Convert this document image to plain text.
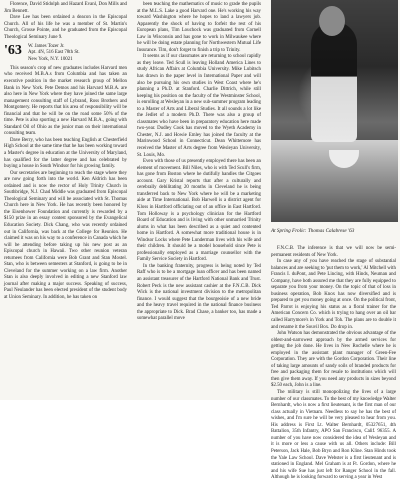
Florence, David Stidolph and Hazard Evanl, Don Mills and Jim Bennett.

Dave Lee has been ordained a deacon in the Episcopal Church. All of his life he was a member of St. Martin's Church, Grosse Pointe, and he graduated from the Episcopal Theological Seminary June 9.

'63	W. James Tozer Jr.
Apt. 4N, 516 East 78th St.
New York, N.Y. 10021

This season's crop of new graduates includes Harvard men who received M.B.A.s from Columbia and has taken an executive position in the market research group of Mellon Bank in New York. Pete Demos and his Harvard M.B.A. are also here in New York where they have joined the same large management consulting staff of Lybrand, Ross Brothers and Montgomery. He reports that his area of responsibility will be financial and that he will be on the road some 50% of the time. Pete is also sporting a new Harvard M.B.A., going with Standard Oil of Ohio as the junior man on their international consulting team.

Dave Berry, who has been teaching English at Chesterfield High School at the same time that he has been working toward a Master's degree in education at the University of Maryland, has qualified for the latter degree and has celebrated by buying a house in South Windsor for his growing family.

Our secretaries are beginning to reach the stage where they are now going forth into the world. Ken Aldrich has been ordained and is now the rector of Holy Trinity Church in Southbridge, N.J. Chad Middle was graduated from Episcopal Theological Seminary and will be associated with St. Thomas Church here in New York. He has recently been honored by the Eisenhower Foundation and currently is rewarded by a $150 prize in an essay contest sponsored by the Evangelical Education Society. Dick Chang, who was recently ordained out in California, was back at the College for Reunion. He claimed it was on his way to a conference in Canada which he will be attending before taking up his new post as an Episcopal church in Hawaii. Two other reunion veteran returnees from California were Bob Grant and Stan Mostel. Stan, who is between semesters at Stanford, is going to be in Cleveland for the summer working on a law firm. Another Stan is also deeply involved in editing a new Stanford law journal after making a major success. Speaking of success, Paul Neulander has been elected president of the student body at Union Seminary. In addition, he has taken on

been teaching the mathematics of music to grade the pupils at the M.L.S. Lake a good Harvard one. He's working his way toward Washington where he hopes to land a lawyers job. Apparently the shock of having to forfeit the rest of his European plans, Tim Louchock was graduated from Cornell Law in Wisconsin and has gone to work in Milwaukee where he will be doing estate planning for Northwestern Mutual Life Insurance. Tim, don't forget to finish a trip to Trinity.

It seems as if our classmates are returning to school rapidly as they leave. Ted Scull is leaving Holland America Lines to study African Affairs at Columbia University. Mike Lubitsch has drawn in the paper level in International Paper and will also be pursuing his own studies in West Coast where he's planning a Ph.D. at Stanford. Charlie Dittrich, while still keeping his position on the faculty of the Westminster School, is enrolling at Wesleyan in a new sub-summer program leading to a Master of Arts and Liberal Studies. It all sounds a lot like the Jedlet of a modern Ph.D. There was also a group of classmates who have been in preparatory education here made two-year. Dudley Cook has moved to the Wyeth Academy in Chester, N.J. and Howie Emley has joined the faculty at the Marinwood School in Connecticut. Dean Whittemore has received the Master of Arts degree from Wesleyan University, St. Louis, Mo.

Even with those of us presently employed there has been an element of movement. Bill Niles, who is with Ted Scull's firm, has gone from Boston where he dutifully handles the Citgoes account. Gary Kristal reports that after a culturally and cerebrally debilitating 20 months in Cleveland he is being transferred back to New York where he will be a marketing aide at Time International. Bob Harwell is a district agent for Kloss in Hartford officiating out of an office in East Hartford. Tom Holloway is a psychology clinician for the Hartford Board of Education and is living with other unmarried Trinity alums in what has been described as a quiet and contented home in Hartford. A somewhat more traditional house is in Windsor Locks where Pete Lunderman lives with his wife and their children. It should be a model household since Pete is professionally employed as a marriage counsellor with the Family Service Society in Hartford.

In the banking fraternity, progress is being noted by Ted Raff who is to be a mortgage loan officer and has been named an assistant treasurer of the Hartford National Bank and Trust. Robert Peck is the new assistant cashier at the F.N.C.B. Dick Wick is the national investment division to the metropolitan finance. I would suggest that the bourgeoisie of a new bride and the heavy travel required in the national finance business the appropriate to Dick. Brad Chase, a banker too, has made a somewhat parallel move

At Spring Frolic: Thomas Calabrese '63

F.N.C.B. The inference is that we will now be semi-permanent residents of New York.

In case any of you have reached the stage of substantial balances and are seeking to 'put them to work,' Al Mitchell with Francis I. duPont, and Pete Lincing, with Hinds, Neuman and Company, have both assured me that they are fully equipped to separate you from your money. On the topic of that of loss in business operation, Bob Knox has now diversified and is prepared to get you money going at once. On the political front, Ted Parrot is enjoying his status as a floral trainer for the American Concern Co. which is trying to hang over an oil bar called Harrymore's in York and Toh. The plans are to double it and rename it the Souvil Box. Do drop in.

John Watson has demonstrated the obvious advantage of the oldest-and-narrowest approach by the armed services for getting the job done. He lives in New Rochelle where he is employed in the assistant plant manager of Green-Fee Corporation. They are with the Gordon Corporation. Their line of taking large amounts of sandy soils of branded products for free and packaging them for resale to institutions which will then give them away. If you need any products in sizes beyond $2.50 each, John is a line.

The military is still monopolizing the lives of a large number of our classmates. To the best of my knowledge Walter Bernhardt, who is now a first lieutenant, is the first man of our class actually in Vietnam. Needless to say he has the best of wishes, and I'm sure he will be very pleased to hear from you. His address is First Lt. Walter Bernhardt, 05327651, 4th Battalion, 35th Infantry, APO San Francisco, Calif. 96355. A number of you have now considered the idea of Wesleyan and it is more or less a cause with us all. Others include: Bill Peterson, Jack Hale, Bob Bryn and Ron Kline. Stan Hinds took the Yale Law School. Dave Webster is a first lieutenant and is stationed in England. Mel Graham is at Ft. Gordon, where he and his wife Sue has just left for Ranger School in the fall. Although he is looking forward to serving a year in West
